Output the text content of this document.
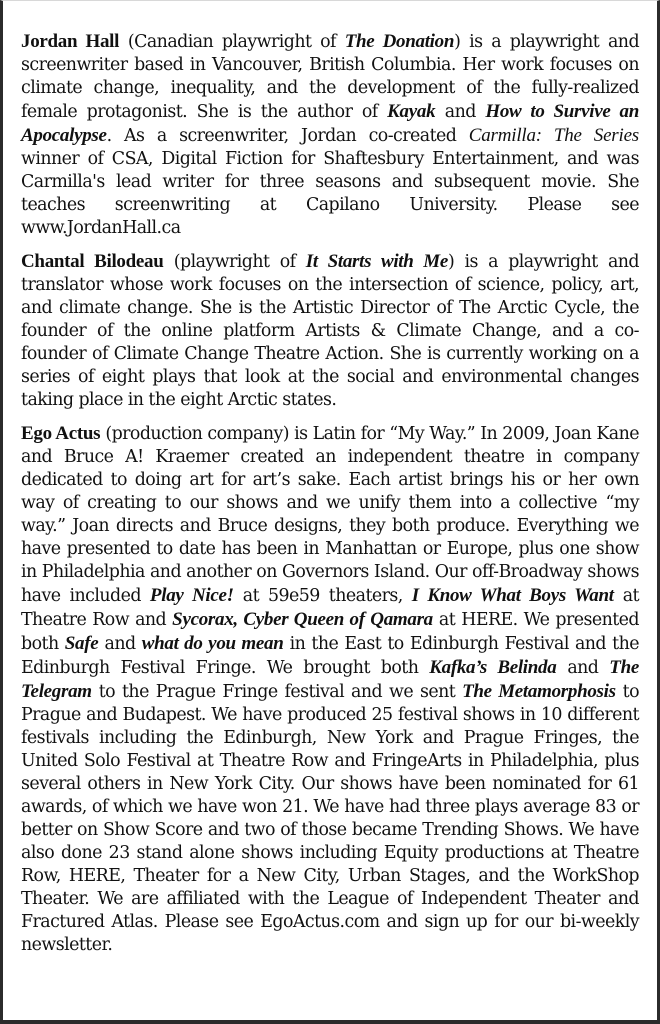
Jordan Hall (Canadian playwright of The Donation) is a playwright and screenwriter based in Vancouver, British Columbia. Her work focuses on climate change, inequality, and the development of the fully-realized female protagonist. She is the author of Kayak and How to Survive an Apocalypse. As a screenwriter, Jordan co-created Carmilla: The Series winner of CSA, Digital Fiction for Shaftesbury Entertainment, and was Carmilla's lead writer for three seasons and subsequent movie. She teaches screenwriting at Capilano University. Please see www.JordanHall.ca

Chantal Bilodeau (playwright of It Starts with Me) is a playwright and translator whose work focuses on the intersection of science, policy, art, and climate change. She is the Artistic Director of The Arctic Cycle, the founder of the online platform Artists & Climate Change, and a co-founder of Climate Change Theatre Action. She is currently working on a series of eight plays that look at the social and environmental changes taking place in the eight Arctic states.

Ego Actus (production company) is Latin for “My Way.” In 2009, Joan Kane and Bruce A! Kraemer created an independent theatre in company dedicated to doing art for art’s sake. Each artist brings his or her own way of creating to our shows and we unify them into a collective “my way.” Joan directs and Bruce designs, they both produce. Everything we have presented to date has been in Manhattan or Europe, plus one show in Philadelphia and another on Governors Island. Our off-Broadway shows have included Play Nice! at 59e59 theaters, I Know What Boys Want at Theatre Row and Sycorax, Cyber Queen of Qamara at HERE. We presented both Safe and what do you mean in the East to Edinburgh Festival and the Edinburgh Festival Fringe. We brought both Kafka’s Belinda and The Telegram to the Prague Fringe festival and we sent The Metamorphosis to Prague and Budapest. We have produced 25 festival shows in 10 different festivals including the Edinburgh, New York and Prague Fringes, the United Solo Festival at Theatre Row and FringeArts in Philadelphia, plus several others in New York City. Our shows have been nominated for 61 awards, of which we have won 21. We have had three plays average 83 or better on Show Score and two of those became Trending Shows. We have also done 23 stand alone shows including Equity productions at Theatre Row, HERE, Theater for a New City, Urban Stages, and the WorkShop Theater. We are affiliated with the League of Independent Theater and Fractured Atlas. Please see EgoActus.com and sign up for our bi-weekly newsletter.
